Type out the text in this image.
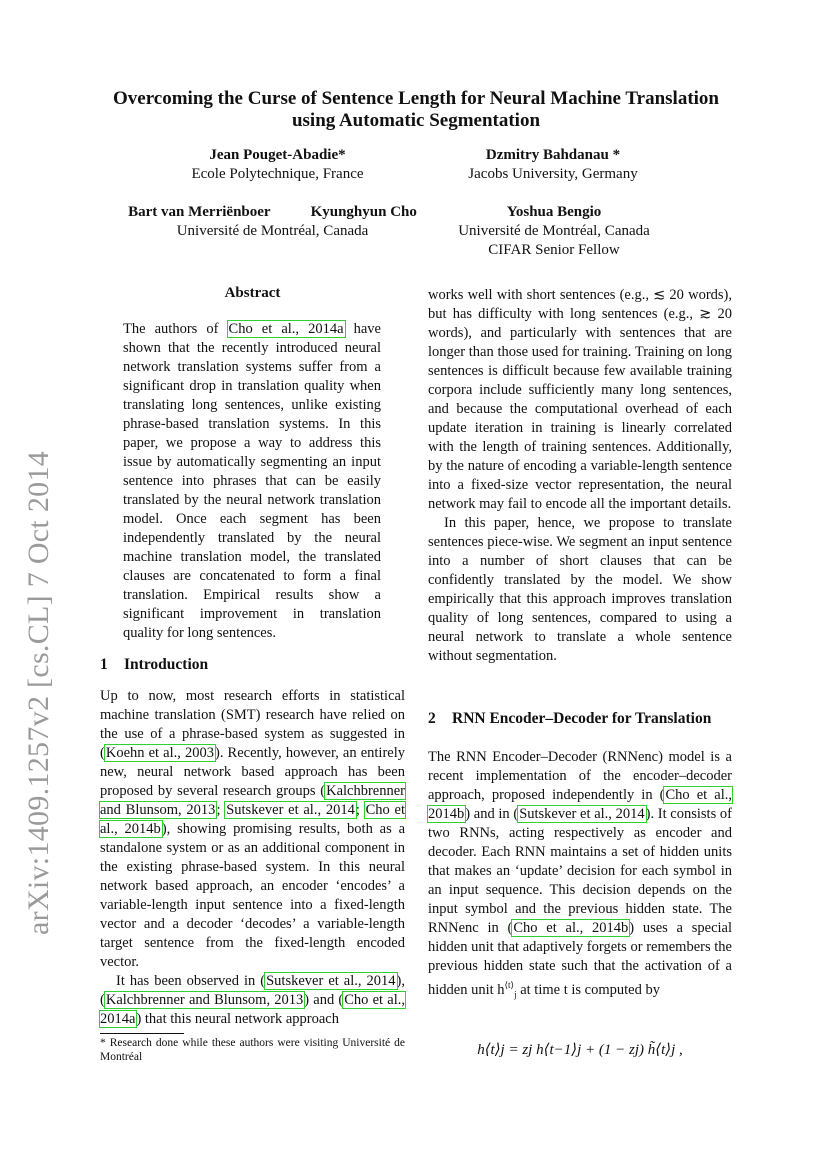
arXiv:1409.1257v2 [cs.CL] 7 Oct 2014
Overcoming the Curse of Sentence Length for Neural Machine Translation using Automatic Segmentation
Jean Pouget-Abadie*
Ecole Polytechnique, France
Dzmitry Bahdanau *
Jacobs University, Germany
Bart van Merriënboer	Kyunghyun Cho
Université de Montréal, Canada
Yoshua Bengio
Université de Montréal, Canada
CIFAR Senior Fellow
Abstract

The authors of Cho et al., 2014a have shown that the recently introduced neural network translation systems suffer from a significant drop in translation quality when translating long sentences, unlike existing phrase-based translation systems. In this paper, we propose a way to address this issue by automatically segmenting an input sentence into phrases that can be easily translated by the neural network translation model. Once each segment has been independently translated by the neural machine translation model, the translated clauses are concatenated to form a final translation. Empirical results show a significant improvement in translation quality for long sentences.

1 Introduction

Up to now, most research efforts in statistical machine translation (SMT) research have relied on the use of a phrase-based system as suggested in (Koehn et al., 2003). Recently, however, an entirely new, neural network based approach has been proposed by several research groups (Kalchbrenner and Blunsom, 2013; Sutskever et al., 2014; Cho et al., 2014b), showing promising results, both as a standalone system or as an additional component in the existing phrase-based system. In this neural network based approach, an encoder ‘encodes’ a variable-length input sentence into a fixed-length vector and a decoder ‘decodes’ a variable-length target sentence from the fixed-length encoded vector.

It has been observed in (Sutskever et al., 2014), (Kalchbrenner and Blunsom, 2013) and (Cho et al., 2014a) that this neural network approach

* Research done while these authors were visiting Université de Montréal

works well with short sentences (e.g., ≲ 20 words), but has difficulty with long sentences (e.g., ≳ 20 words), and particularly with sentences that are longer than those used for training. Training on long sentences is difficult because few available training corpora include sufficiently many long sentences, and because the computational overhead of each update iteration in training is linearly correlated with the length of training sentences. Additionally, by the nature of encoding a variable-length sentence into a fixed-size vector representation, the neural network may fail to encode all the important details.

In this paper, hence, we propose to translate sentences piece-wise. We segment an input sentence into a number of short clauses that can be confidently translated by the model. We show empirically that this approach improves translation quality of long sentences, compared to using a neural network to translate a whole sentence without segmentation.

2 RNN Encoder–Decoder for Translation

The RNN Encoder–Decoder (RNNenc) model is a recent implementation of the encoder–decoder approach, proposed independently in (Cho et al., 2014b) and in (Sutskever et al., 2014). It consists of two RNNs, acting respectively as encoder and decoder. Each RNN maintains a set of hidden units that makes an ‘update’ decision for each symbol in an input sequence. This decision depends on the input symbol and the previous hidden state. The RNNenc in (Cho et al., 2014b) uses a special hidden unit that adaptively forgets or remembers the previous hidden state such that the activation of a hidden unit $h^{⟨t⟩}_j$ at time t is computed by

h⟨t⟩j = zj h⟨t−1⟩j + (1 − zj) h̃⟨t⟩j ,
